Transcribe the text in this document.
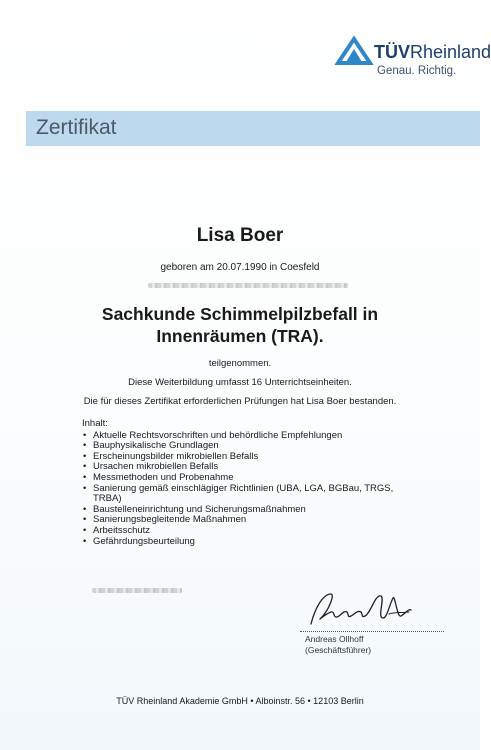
TÜVRheinland
Genau. Richtig.
Zertifikat
Lisa Boer
geboren am 20.07.1990 in Coesfeld
Sachkunde Schimmelpilzbefall in
Innenräumen (TRA).
teilgenommen.
Diese Weiterbildung umfasst 16 Unterrichtseinheiten.
Die für dieses Zertifikat erforderlichen Prüfungen hat Lisa Boer bestanden.
Inhalt:
• Aktuelle Rechtsvorschriften und behördliche Empfehlungen
• Bauphysikalische Grundlagen
• Erscheinungsbilder mikrobiellen Befalls
• Ursachen mikrobiellen Befalls
• Messmethoden und Probenahme
• Sanierung gemäß einschlägiger Richtlinien (UBA, LGA, BGBau, TRGS, TRBA)
• Baustelleneinrichtung und Sicherungsmaßnahmen
• Sanierungsbegleitende Maßnahmen
• Arbeitsschutz
• Gefährdungsbeurteilung
Andreas Ollhoff
(Geschäftsführer)
TÜV Rheinland Akademie GmbH • Alboinstr. 56 • 12103 Berlin
